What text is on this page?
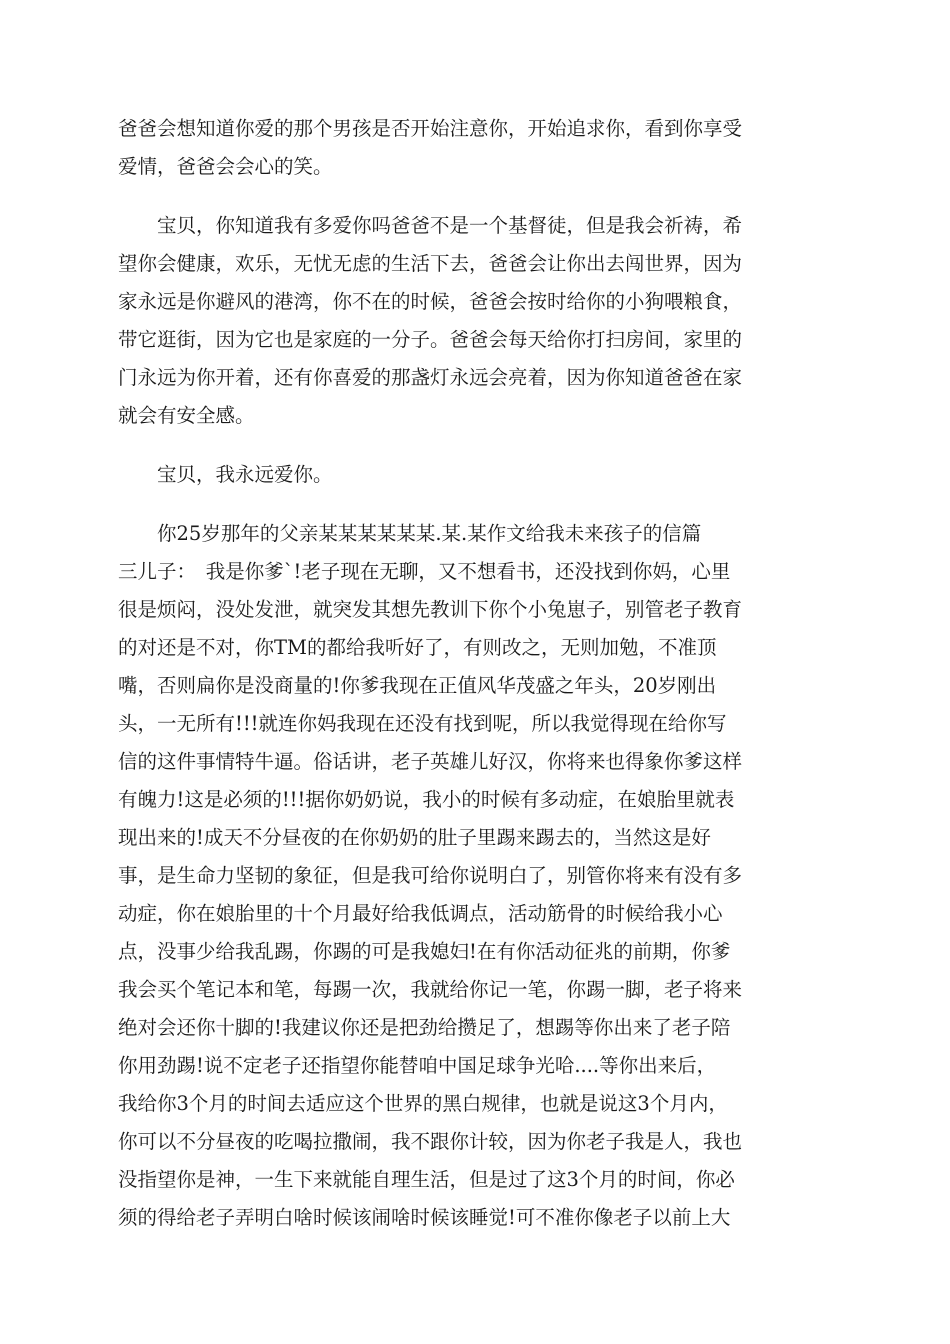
爸爸会想知道你爱的那个男孩是否开始注意你，开始追求你，看到你享受
爱情，爸爸会会心的笑。
　　宝贝，你知道我有多爱你吗爸爸不是一个基督徒，但是我会祈祷，希
望你会健康，欢乐，无忧无虑的生活下去，爸爸会让你出去闯世界，因为
家永远是你避风的港湾，你不在的时候，爸爸会按时给你的小狗喂粮食，
带它逛街，因为它也是家庭的一分子。爸爸会每天给你打扫房间，家里的
门永远为你开着，还有你喜爱的那盏灯永远会亮着，因为你知道爸爸在家
就会有安全感。
　　宝贝，我永远爱你。
　　你25岁那年的父亲某某某某某某.某.某作文给我未来孩子的信篇
三儿子：　我是你爹`!老子现在无聊，又不想看书，还没找到你妈，心里
很是烦闷，没处发泄，就突发其想先教训下你个小兔崽子，别管老子教育
的对还是不对，你TM的都给我听好了，有则改之，无则加勉，不准顶
嘴，否则扁你是没商量的!你爹我现在正值风华茂盛之年头，20岁刚出
头，一无所有!!!就连你妈我现在还没有找到呢，所以我觉得现在给你写
信的这件事情特牛逼。俗话讲，老子英雄儿好汉，你将来也得象你爹这样
有魄力!这是必须的!!!据你奶奶说，我小的时候有多动症，在娘胎里就表
现出来的!成天不分昼夜的在你奶奶的肚子里踢来踢去的，当然这是好
事，是生命力坚韧的象征，但是我可给你说明白了，别管你将来有没有多
动症，你在娘胎里的十个月最好给我低调点，活动筋骨的时候给我小心
点，没事少给我乱踢，你踢的可是我媳妇!在有你活动征兆的前期，你爹
我会买个笔记本和笔，每踢一次，我就给你记一笔，你踢一脚，老子将来
绝对会还你十脚的!我建议你还是把劲给攒足了，想踢等你出来了老子陪
你用劲踢!说不定老子还指望你能替咱中国足球争光哈....等你出来后，
我给你3个月的时间去适应这个世界的黑白规律，也就是说这3个月内，
你可以不分昼夜的吃喝拉撒闹，我不跟你计较，因为你老子我是人，我也
没指望你是神，一生下来就能自理生活，但是过了这3个月的时间，你必
须的得给老子弄明白啥时候该闹啥时候该睡觉!可不准你像老子以前上大
